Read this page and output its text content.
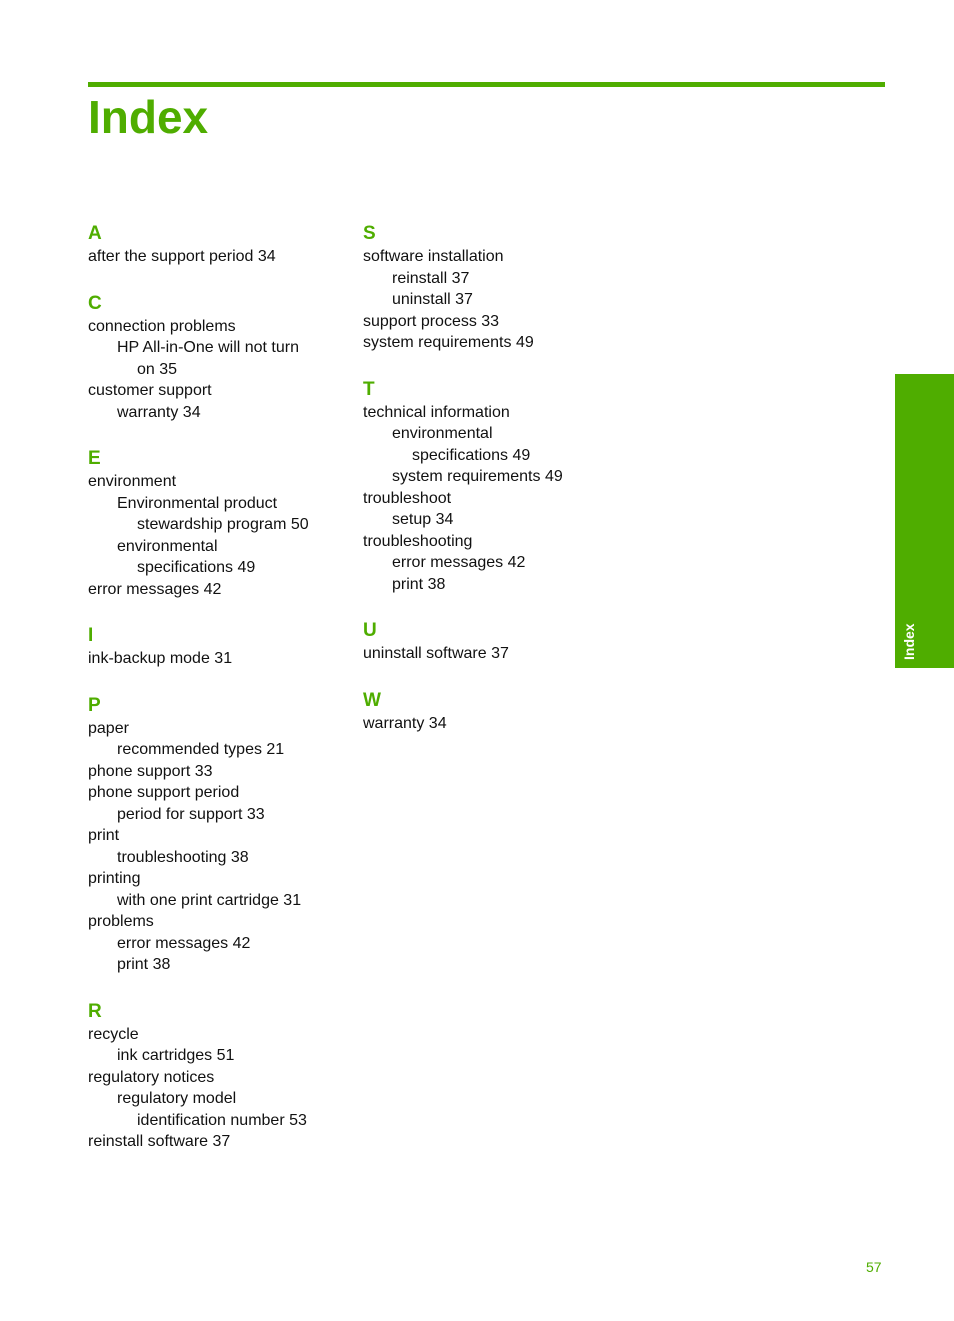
Index
A
after the support period 34
C
connection problems
HP All-in-One will not turn
on 35
customer support
warranty 34
E
environment
Environmental product
stewardship program 50
environmental
specifications 49
error messages 42
I
ink-backup mode 31
P
paper
recommended types 21
phone support 33
phone support period
period for support 33
print
troubleshooting 38
printing
with one print cartridge 31
problems
error messages 42
print 38
R
recycle
ink cartridges 51
regulatory notices
regulatory model
identification number 53
reinstall software 37
S
software installation
reinstall 37
uninstall 37
support process 33
system requirements 49
T
technical information
environmental
specifications 49
system requirements 49
troubleshoot
setup 34
troubleshooting
error messages 42
print 38
U
uninstall software 37
W
warranty 34
Index
57
